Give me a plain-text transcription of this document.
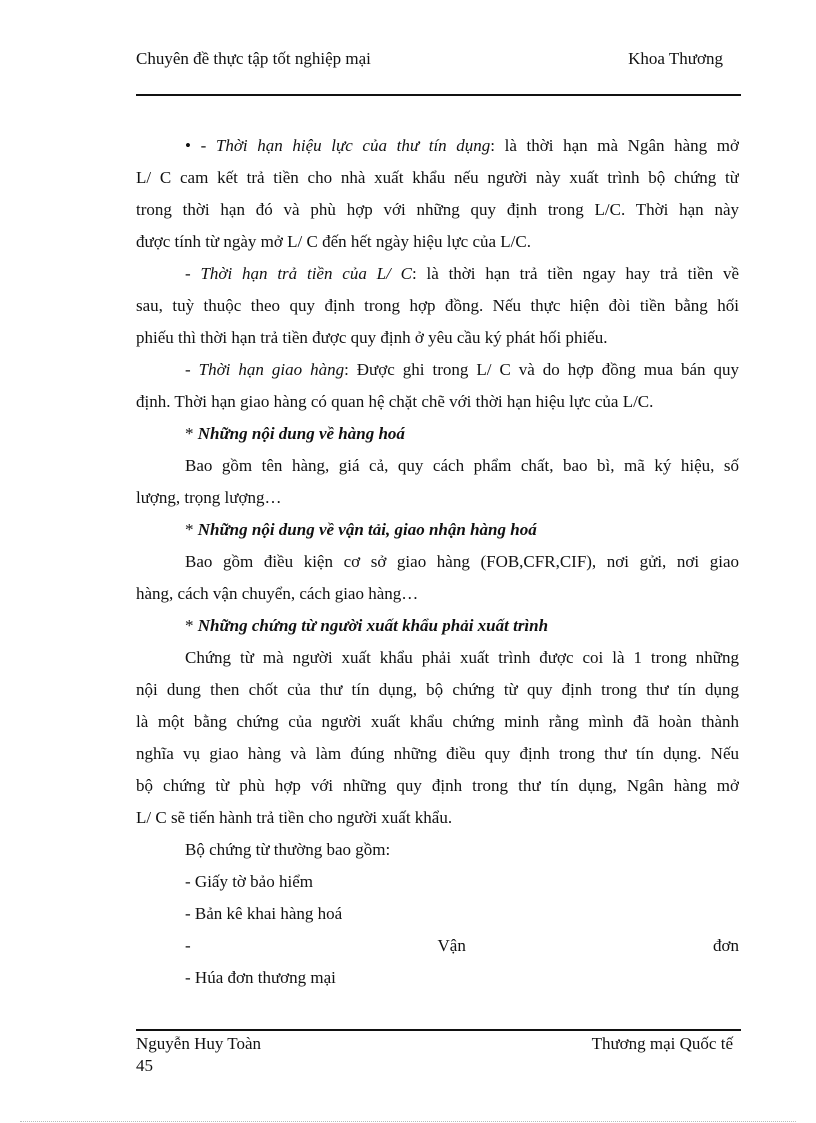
Chuyên đề thực tập tốt nghiệp mại	Khoa Thương
• - Thời hạn hiệu lực của thư tín dụng: là thời hạn mà Ngân hàng mở
L/ C cam kết trả tiền cho nhà xuất khẩu nếu người này xuất trình bộ chứng từ
trong thời hạn đó và phù hợp với những quy định trong L/C. Thời hạn này
được tính từ ngày mở L/ C đến hết ngày hiệu lực của L/C.
- Thời hạn trả tiền của L/ C: là thời hạn trả tiền ngay hay trả tiền về
sau, tuỳ thuộc theo quy định trong hợp đồng. Nếu thực hiện đòi tiền bằng hối
phiếu thì thời hạn trả tiền được quy định ở yêu cầu ký phát hối phiếu.
- Thời hạn giao hàng: Được ghi trong L/ C và do hợp đồng mua bán quy
định. Thời hạn giao hàng có quan hệ chặt chẽ với thời hạn hiệu lực của L/C.
* Những nội dung về hàng hoá
Bao gồm tên hàng, giá cả, quy cách phẩm chất, bao bì, mã ký hiệu, số
lượng, trọng lượng…
* Những nội dung về vận tải, giao nhận hàng hoá
Bao gồm điều kiện cơ sở giao hàng (FOB,CFR,CIF), nơi gửi, nơi giao
hàng, cách vận chuyển, cách giao hàng…
* Những chứng từ người xuất khẩu phải xuất trình
Chứng từ mà người xuất khẩu phải xuất trình được coi là 1 trong những
nội dung then chốt của thư tín dụng, bộ chứng từ quy định trong thư tín dụng
là một bằng chứng của người xuất khẩu chứng minh rằng mình đã hoàn thành
nghĩa vụ giao hàng và làm đúng những điều quy định trong thư tín dụng. Nếu
bộ chứng từ phù hợp với những quy định trong thư tín dụng, Ngân hàng mở
L/ C sẽ tiến hành trả tiền cho người xuất khẩu.
Bộ chứng từ thường bao gồm:
- Giấy tờ bảo hiểm
- Bản kê khai hàng hoá
-	Vận	đơn
- Húa đơn thương mại
Nguyễn Huy Toàn
45
Thương mại Quốc tế
